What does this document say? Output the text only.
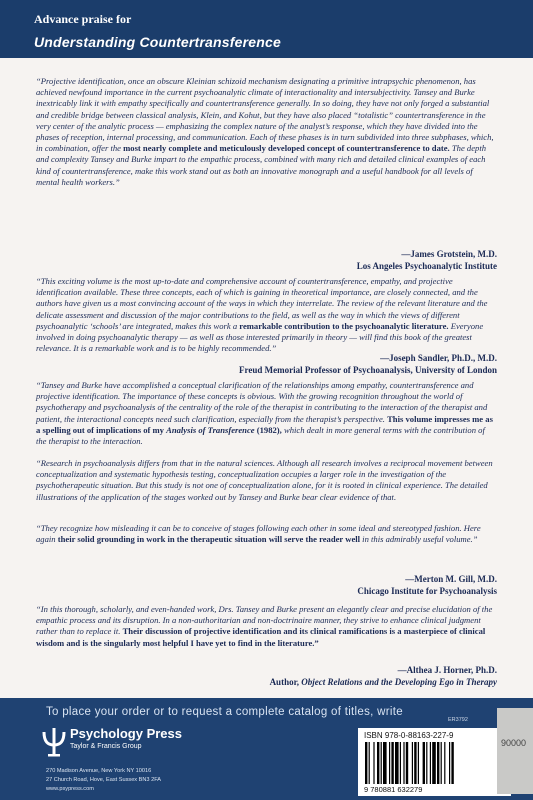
Advance praise for
Understanding Countertransference

“Projective identification, once an obscure Kleinian schizoid mechanism designating a primitive intrapsychic phenomenon, has achieved newfound importance in the current psychoanalytic climate of interactionality and intersubjectivity. Tansey and Burke inextricably link it with empathy specifically and countertransference generally. In so doing, they have not only forged a substantial and credible bridge between classical analysis, Klein, and Kohut, but they have also placed “totalistic” countertransference in the very center of the analytic process — emphasizing the complex nature of the analyst’s response, which they have divided into the phases of reception, internal processing, and communication. Each of these phases is in turn subdivided into three subphases, which, in combination, offer the most nearly complete and meticulously developed concept of countertransference to date. The depth and complexity Tansey and Burke impart to the empathic process, combined with many rich and detailed clinical examples of each kind of countertransference, make this work stand out as both an innovative monograph and a useful handbook for all levels of mental health workers.”

—James Grotstein, M.D.
Los Angeles Psychoanalytic Institute

“This exciting volume is the most up-to-date and comprehensive account of countertransference, empathy, and projective identification available. These three concepts, each of which is gaining in theoretical importance, are closely connected, and the authors have given us a most convincing account of the ways in which they interrelate. The review of the relevant literature and the delicate assessment and discussion of the major contributions to the field, as well as the way in which the views of different psychoanalytic ‘schools’ are integrated, makes this work a remarkable contribution to the psychoanalytic literature. Everyone involved in doing psychoanalytic therapy — as well as those interested primarily in theory — will find this book of the greatest relevance. It is a remarkable work and is to be highly recommended.”

—Joseph Sandler, Ph.D., M.D.
Freud Memorial Professor of Psychoanalysis, University of London

“Tansey and Burke have accomplished a conceptual clarification of the relationships among empathy, countertransference and projective identification. The importance of these concepts is obvious. With the growing recognition throughout the world of psychotherapy and psychoanalysis of the centrality of the role of the therapist in contributing to the interaction of the therapist and patient, the interactional concepts need such clarification, especially from the therapist’s perspective. This volume impresses me as a spelling out of implications of my Analysis of Transference (1982), which dealt in more general terms with the contribution of the therapist to the interaction.

“Research in psychoanalysis differs from that in the natural sciences. Although all research involves a reciprocal movement between conceptualization and systematic hypothesis testing, conceptualization occupies a larger role in the investigation of the psychotherapeutic situation. But this study is not one of conceptualization alone, for it is rooted in clinical experience. The detailed illustrations of the application of the stages worked out by Tansey and Burke bear clear evidence of that.

“They recognize how misleading it can be to conceive of stages following each other in some ideal and stereotyped fashion. Here again their solid grounding in work in the therapeutic situation will serve the reader well in this admirably useful volume.”

—Merton M. Gill, M.D.
Chicago Institute for Psychoanalysis

“In this thorough, scholarly, and even-handed work, Drs. Tansey and Burke present an elegantly clear and precise elucidation of the empathic process and its disruption. In a non-authoritarian and non-doctrinaire manner, they strive to enhance clinical judgment rather than to replace it. Their discussion of projective identification and its clinical ramifications is a masterpiece of clinical wisdom and is the singularly most helpful I have yet to find in the literature.”

—Althea J. Horner, Ph.D.
Author, Object Relations and the Developing Ego in Therapy
To place your order or to request a complete catalog of titles, write
Psychology Press
Taylor & Francis Group
270 Madison Avenue, New York NY 10016
27 Church Road, Hove, East Sussex BN3 2FA
www.psypress.com
ER3792
ISBN 978-0-88163-227-9
9 780881 632279
90000
